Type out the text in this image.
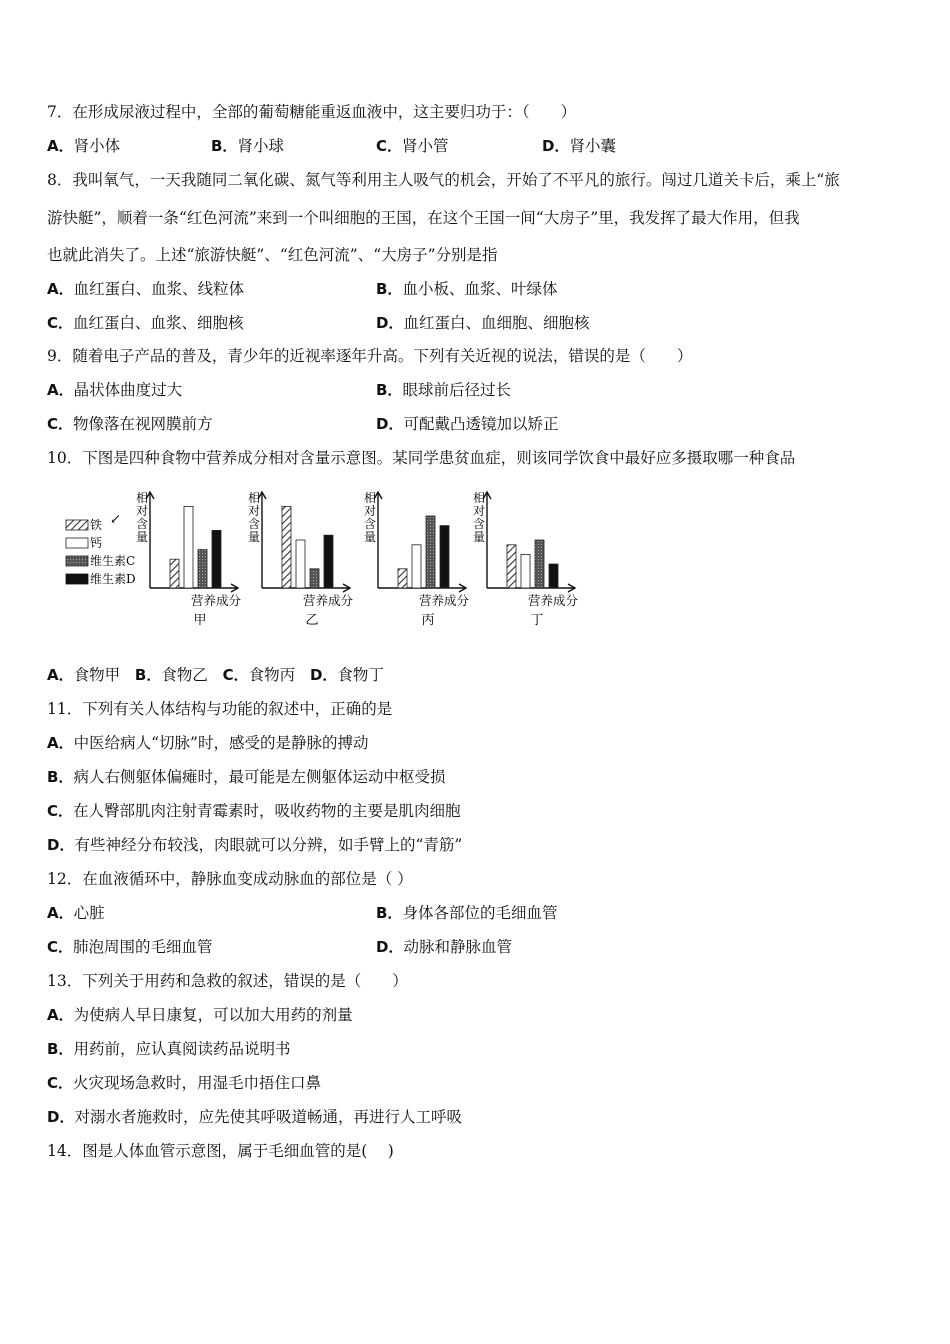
7．在形成尿液过程中，全部的葡萄糖能重返血液中，这主要归功于：（　　）
A．肾小体	B．肾小球	C．肾小管	D．肾小囊
8．我叫氧气，一天我随同二氧化碳、氮气等利用主人吸气的机会，开始了不平凡的旅行。闯过几道关卡后，乘上“旅
游快艇”，顺着一条“红色河流”来到一个叫细胞的王国，在这个王国一间“大房子”里，我发挥了最大作用，但我
也就此消失了。上述“旅游快艇”、“红色河流”、“大房子”分别是指
A．血红蛋白、血浆、线粒体	B．血小板、血浆、叶绿体
C．血红蛋白、血浆、细胞核	D．血红蛋白、血细胞、细胞核
9．随着电子产品的普及，青少年的近视率逐年升高。下列有关近视的说法，错误的是（　　）
A．晶状体曲度过大	B．眼球前后径过长
C．物像落在视网膜前方	D．可配戴凸透镜加以矫正
10．下图是四种食物中营养成分相对含量示意图。某同学患贫血症，则该同学饮食中最好应多摄取哪一种食品
铁 ↙
钙
维生素C
维生素D
相
对
含
量
营养成分
甲
相
对
含
量
营养成分
乙
相
对
含
量
营养成分
丙
相
对
含
量
营养成分
丁
A．食物甲 B．食物乙 C．食物丙 D．食物丁
11．下列有关人体结构与功能的叙述中，正确的是
A．中医给病人“切脉”时，感受的是静脉的搏动
B．病人右侧躯体偏瘫时，最可能是左侧躯体运动中枢受损
C．在人臀部肌肉注射青霉素时，吸收药物的主要是肌肉细胞
D．有些神经分布较浅，肉眼就可以分辨，如手臂上的“青筋”
12．在血液循环中，静脉血变成动脉血的部位是（ ）
A．心脏	B．身体各部位的毛细血管
C．肺泡周围的毛细血管	D．动脉和静脉血管
13．下列关于用药和急救的叙述，错误的是（　　）
A．为使病人早日康复，可以加大用药的剂量
B．用药前，应认真阅读药品说明书
C．火灾现场急救时，用湿毛巾捂住口鼻
D．对溺水者施救时，应先使其呼吸道畅通，再进行人工呼吸
14．图是人体血管示意图，属于毛细血管的是(　 )
